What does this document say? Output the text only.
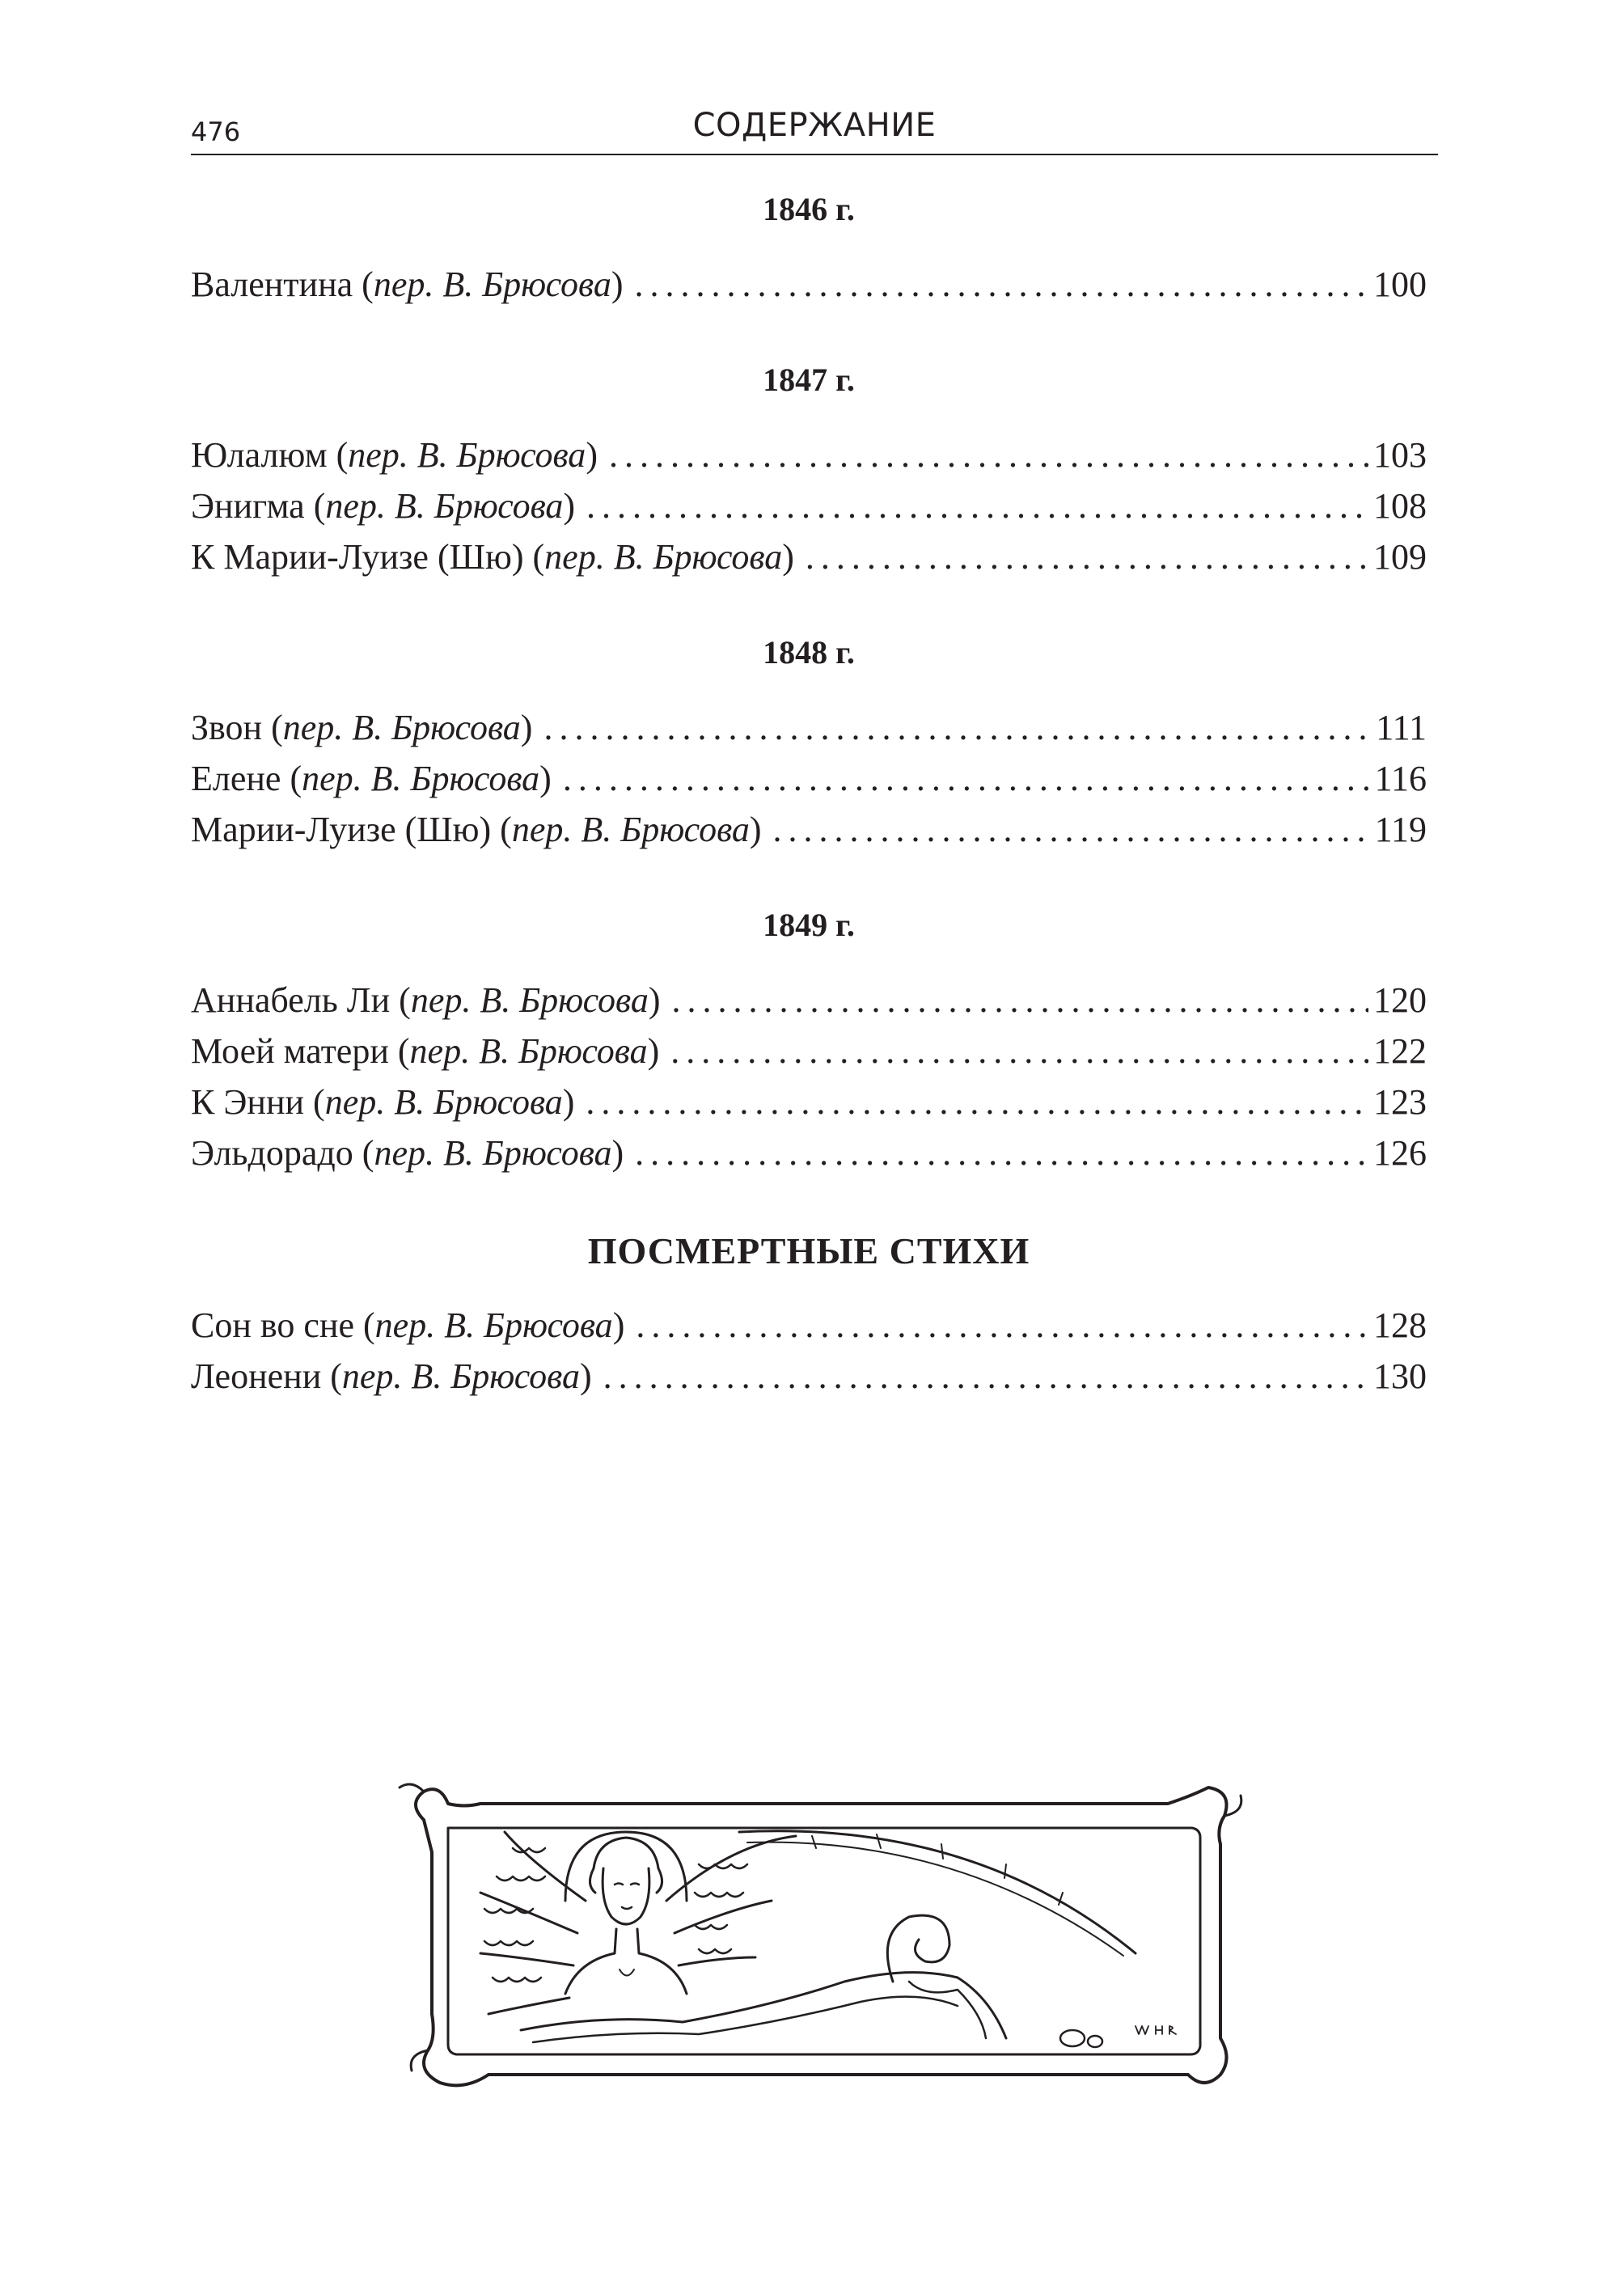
476	СОДЕРЖАНИЕ
1846 г.
Валентина ( пер. В. Брюсова ) .....	100
1847 г.
Юлалюм ( пер. В. Брюсова ) .....	103
Энигма ( пер. В. Брюсова ) .....	108
К Марии-Луизе (Шю) ( пер. В. Брюсова ) .....	109
1848 г.
Звон ( пер. В. Брюсова ) .....	111
Елене ( пер. В. Брюсова ) .....	116
Марии-Луизе (Шю) ( пер. В. Брюсова ) .....	119
1849 г.
Аннабель Ли ( пер. В. Брюсова ) .....	120
Моей матери ( пер. В. Брюсова ) .....	122
К Энни ( пер. В. Брюсова ) .....	123
Эльдорадо ( пер. В. Брюсова ) .....	126
ПОСМЕРТНЫЕ СТИХИ
Сон во сне ( пер. В. Брюсова ) .....	128
Леонени ( пер. В. Брюсова ) .....	130
